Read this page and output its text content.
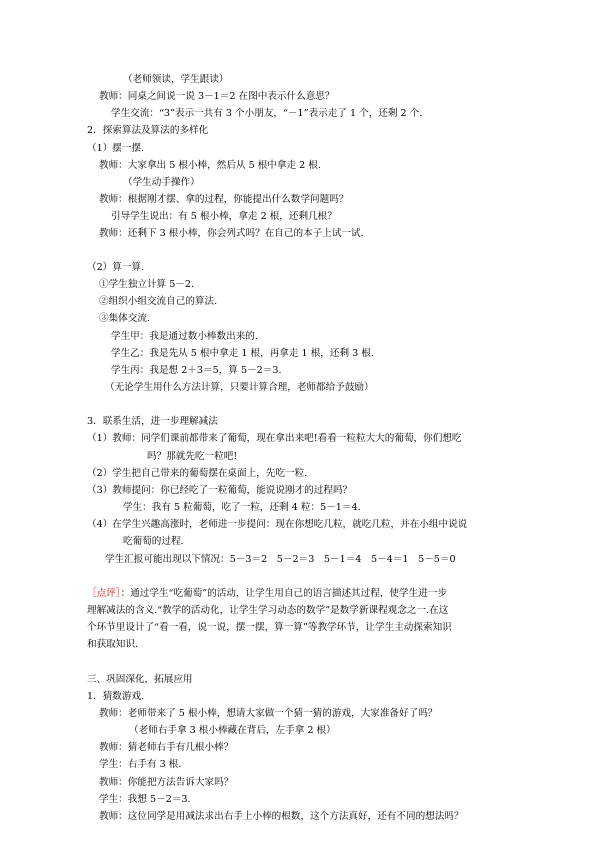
（老师领读，学生跟读）
教师：同桌之间说一说 3－1＝2 在图中表示什么意思？
学生交流：“3”表示一共有 3 个小朋友，“－1”表示走了 1 个，还剩 2 个.
2．探索算法及算法的多样化
（1）摆一摆.
教师：大家拿出 5 根小棒，然后从 5 根中拿走 2 根.
（学生动手操作）
教师：根据刚才摆、拿的过程，你能提出什么数学问题吗？
引导学生说出：有 5 根小棒，拿走 2 根，还剩几根？
教师：还剩下 3 根小棒，你会列式吗？在自己的本子上试一试.
（2）算一算.
①学生独立计算 5－2.
②组织小组交流自己的算法.
③集体交流.
学生甲：我是通过数小棒数出来的.
学生乙：我是先从 5 根中拿走 1 根，再拿走 1 根，还剩 3 根.
学生丙：我是想 2＋3＝5，算 5－2＝3.
（无论学生用什么方法计算，只要计算合理，老师都给予鼓励）
3．联系生活，进一步理解减法
（1）教师：同学们课前都带来了葡萄，现在拿出来吧!看看一粒粒大大的葡萄，你们想吃
吗？那就先吃一粒吧!
（2）学生把自己带来的葡萄摆在桌面上，先吃一粒.
（3）教师提问：你已经吃了一粒葡萄，能说说刚才的过程吗？
学生：我有 5 粒葡萄，吃了一粒，还剩 4 粒：5－1＝4.
（4）在学生兴趣高涨时，老师进一步提问：现在你想吃几粒，就吃几粒，并在小组中说说
吃葡萄的过程.
学生汇报可能出现以下情况：5－3＝2　5－2＝3　5－1＝4　5－4＝1　5－5＝0
［点评］：通过学生“吃葡萄”的活动，让学生用自己的语言描述其过程，使学生进一步
理解减法的含义.“教学的活动化，让学生学习动态的数学”是数学新课程观念之一.在这
个环节里设计了“看一看，说一说，摆一摆，算一算”等教学环节，让学生主动探索知识
和获取知识.
三、巩固深化，拓展应用
1．猜数游戏.
教师：老师带来了 5 根小棒，想请大家做一个猜一猜的游戏，大家准备好了吗？
（老师右手拿 3 根小棒藏在背后，左手拿 2 根）
教师：猜老师右手有几根小棒？
学生：右手有 3 根.
教师：你能把方法告诉大家吗？
学生：我想 5－2＝3.
教师：这位同学是用减法求出右手上小棒的根数，这个方法真好，还有不同的想法吗？
